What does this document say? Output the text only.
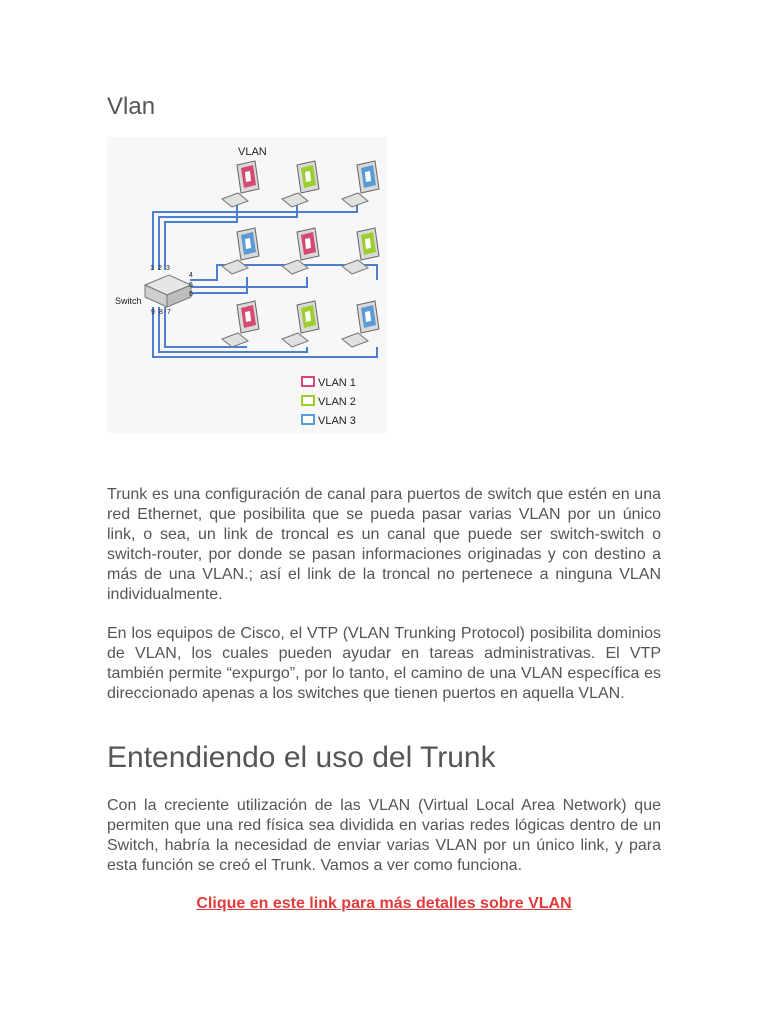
Vlan
VLAN
Switch
1 2 3
4
5
6
7
8
9
VLAN 1
VLAN 2
VLAN 3

Trunk es una configuración de canal para puertos de switch que estén en una red Ethernet, que posibilita que se pueda pasar varias VLAN por un único link, o sea, un link de troncal es un canal que puede ser switch-switch o switch-router, por donde se pasan informaciones originadas y con destino a más de una VLAN.; así el link de la troncal no pertenece a ninguna VLAN individualmente.

En los equipos de Cisco, el VTP (VLAN Trunking Protocol) posibilita dominios de VLAN, los cuales pueden ayudar en tareas administrativas. El VTP también permite “expurgo”, por lo tanto, el camino de una VLAN específica es direccionado apenas a los switches que tienen puertos en aquella VLAN.

Entendiendo el uso del Trunk

Con la creciente utilización de las VLAN (Virtual Local Area Network) que permiten que una red física sea dividida en varias redes lógicas dentro de un Switch, habría la necesidad de enviar varias VLAN por un único link, y para esta función se creó el Trunk. Vamos a ver como funciona.

Clique en este link para más detalles sobre VLAN
